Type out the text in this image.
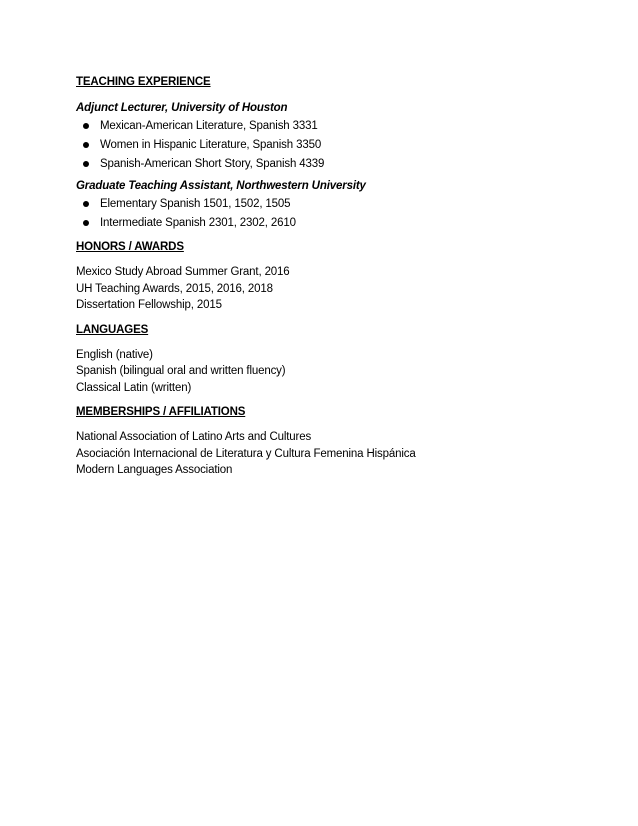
TEACHING EXPERIENCE
Adjunct Lecturer, University of Houston
Mexican-American Literature, Spanish 3331
Women in Hispanic Literature, Spanish 3350
Spanish-American Short Story, Spanish 4339
Graduate Teaching Assistant, Northwestern University
Elementary Spanish 1501, 1502, 1505
Intermediate Spanish 2301, 2302, 2610
HONORS / AWARDS
Mexico Study Abroad Summer Grant, 2016
UH Teaching Awards, 2015, 2016, 2018
Dissertation Fellowship, 2015
LANGUAGES
English (native)
Spanish (bilingual oral and written fluency)
Classical Latin (written)
MEMBERSHIPS / AFFILIATIONS
National Association of Latino Arts and Cultures
Asociación Internacional de Literatura y Cultura Femenina Hispánica
Modern Languages Association
